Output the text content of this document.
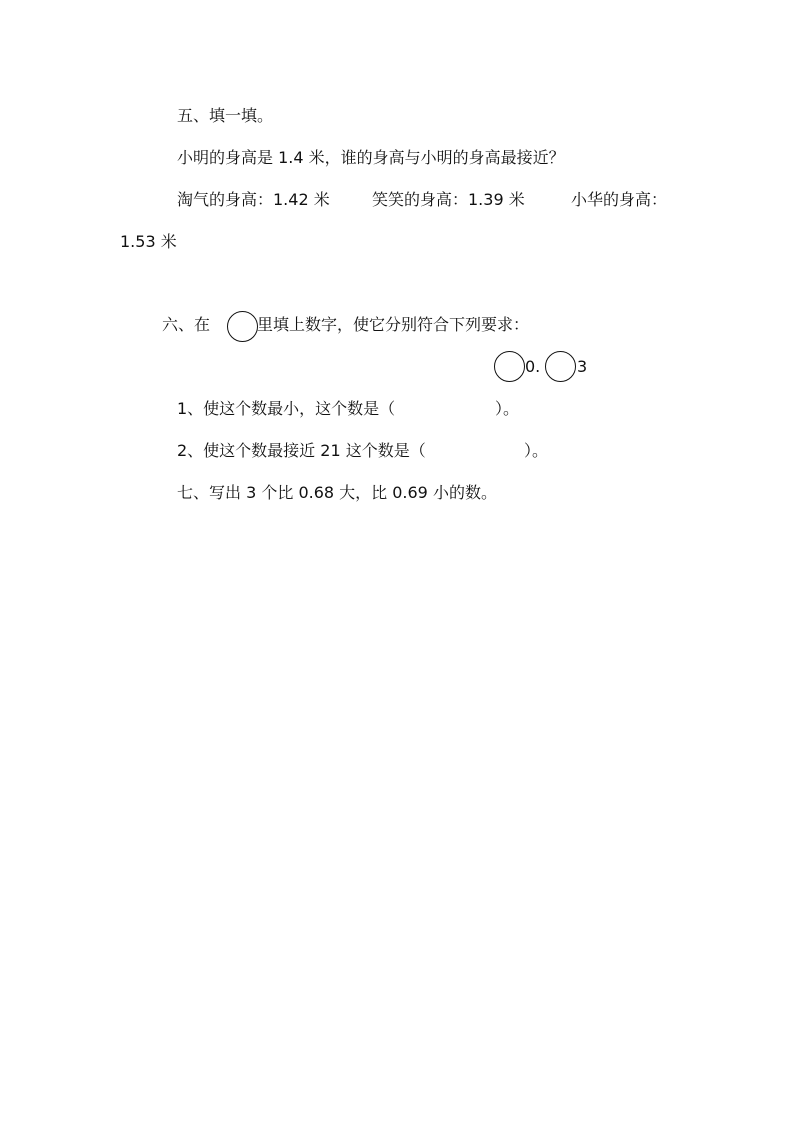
五、填一填。
小明的身高是 1.4 米，谁的身高与小明的身高最接近？
淘气的身高：1.42 米	笑笑的身高：1.39 米	小华的身高：
1.53 米
六、在	里填上数字，使它分别符合下列要求：
0. 3
1、使这个数最小，这个数是（	）。
2、使这个数最接近 21 这个数是（	）。
七、写出 3 个比 0.68 大，比 0.69 小的数。
